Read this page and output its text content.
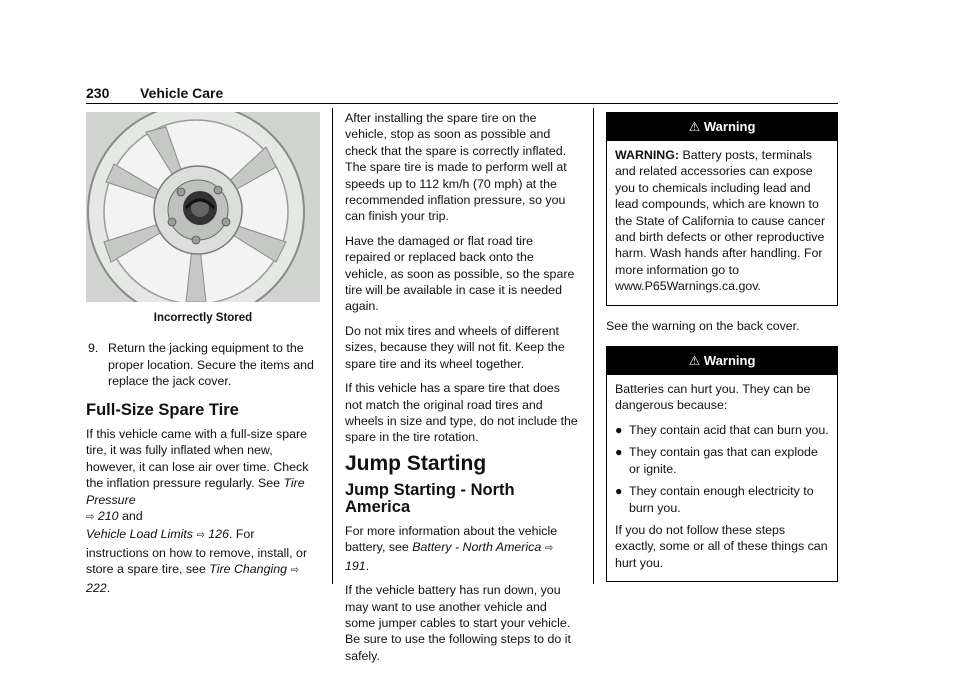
230 Vehicle Care
Incorrectly Stored
9. Return the jacking equipment to the proper location. Secure the items and replace the jack cover.
Full-Size Spare Tire

If this vehicle came with a full-size spare tire, it was fully inflated when new, however, it can lose air over time. Check the inflation pressure regularly. See Tire Pressure
⇨ 210 and
Vehicle Load Limits ⇨ 126. For instructions on how to remove, install, or store a spare tire, see Tire Changing ⇨ 222.

After installing the spare tire on the vehicle, stop as soon as possible and check that the spare is correctly inflated. The spare tire is made to perform well at speeds up to 112 km/h (70 mph) at the recommended inflation pressure, so you can finish your trip.

Have the damaged or flat road tire repaired or replaced back onto the vehicle, as soon as possible, so the spare tire will be available in case it is needed again.

Do not mix tires and wheels of different sizes, because they will not fit. Keep the spare tire and its wheel together.

If this vehicle has a spare tire that does not match the original road tires and wheels in size and type, do not include the spare in the tire rotation.

Jump Starting
Jump Starting - North America

For more information about the vehicle battery, see Battery - North America ⇨ 191.

If the vehicle battery has run down, you may want to use another vehicle and some jumper cables to start your vehicle. Be sure to use the following steps to do it safely.

⚠ Warning

WARNING: Battery posts, terminals and related accessories can expose you to chemicals including lead and lead compounds, which are known to the State of California to cause cancer and birth defects or other reproductive harm. Wash hands after handling. For more information go to www.P65Warnings.ca.gov.

See the warning on the back cover.

⚠ Warning

Batteries can hurt you. They can be dangerous because:

● They contain acid that can burn you.
● They contain gas that can explode or ignite.
● They contain enough electricity to burn you.

If you do not follow these steps exactly, some or all of these things can hurt you.
